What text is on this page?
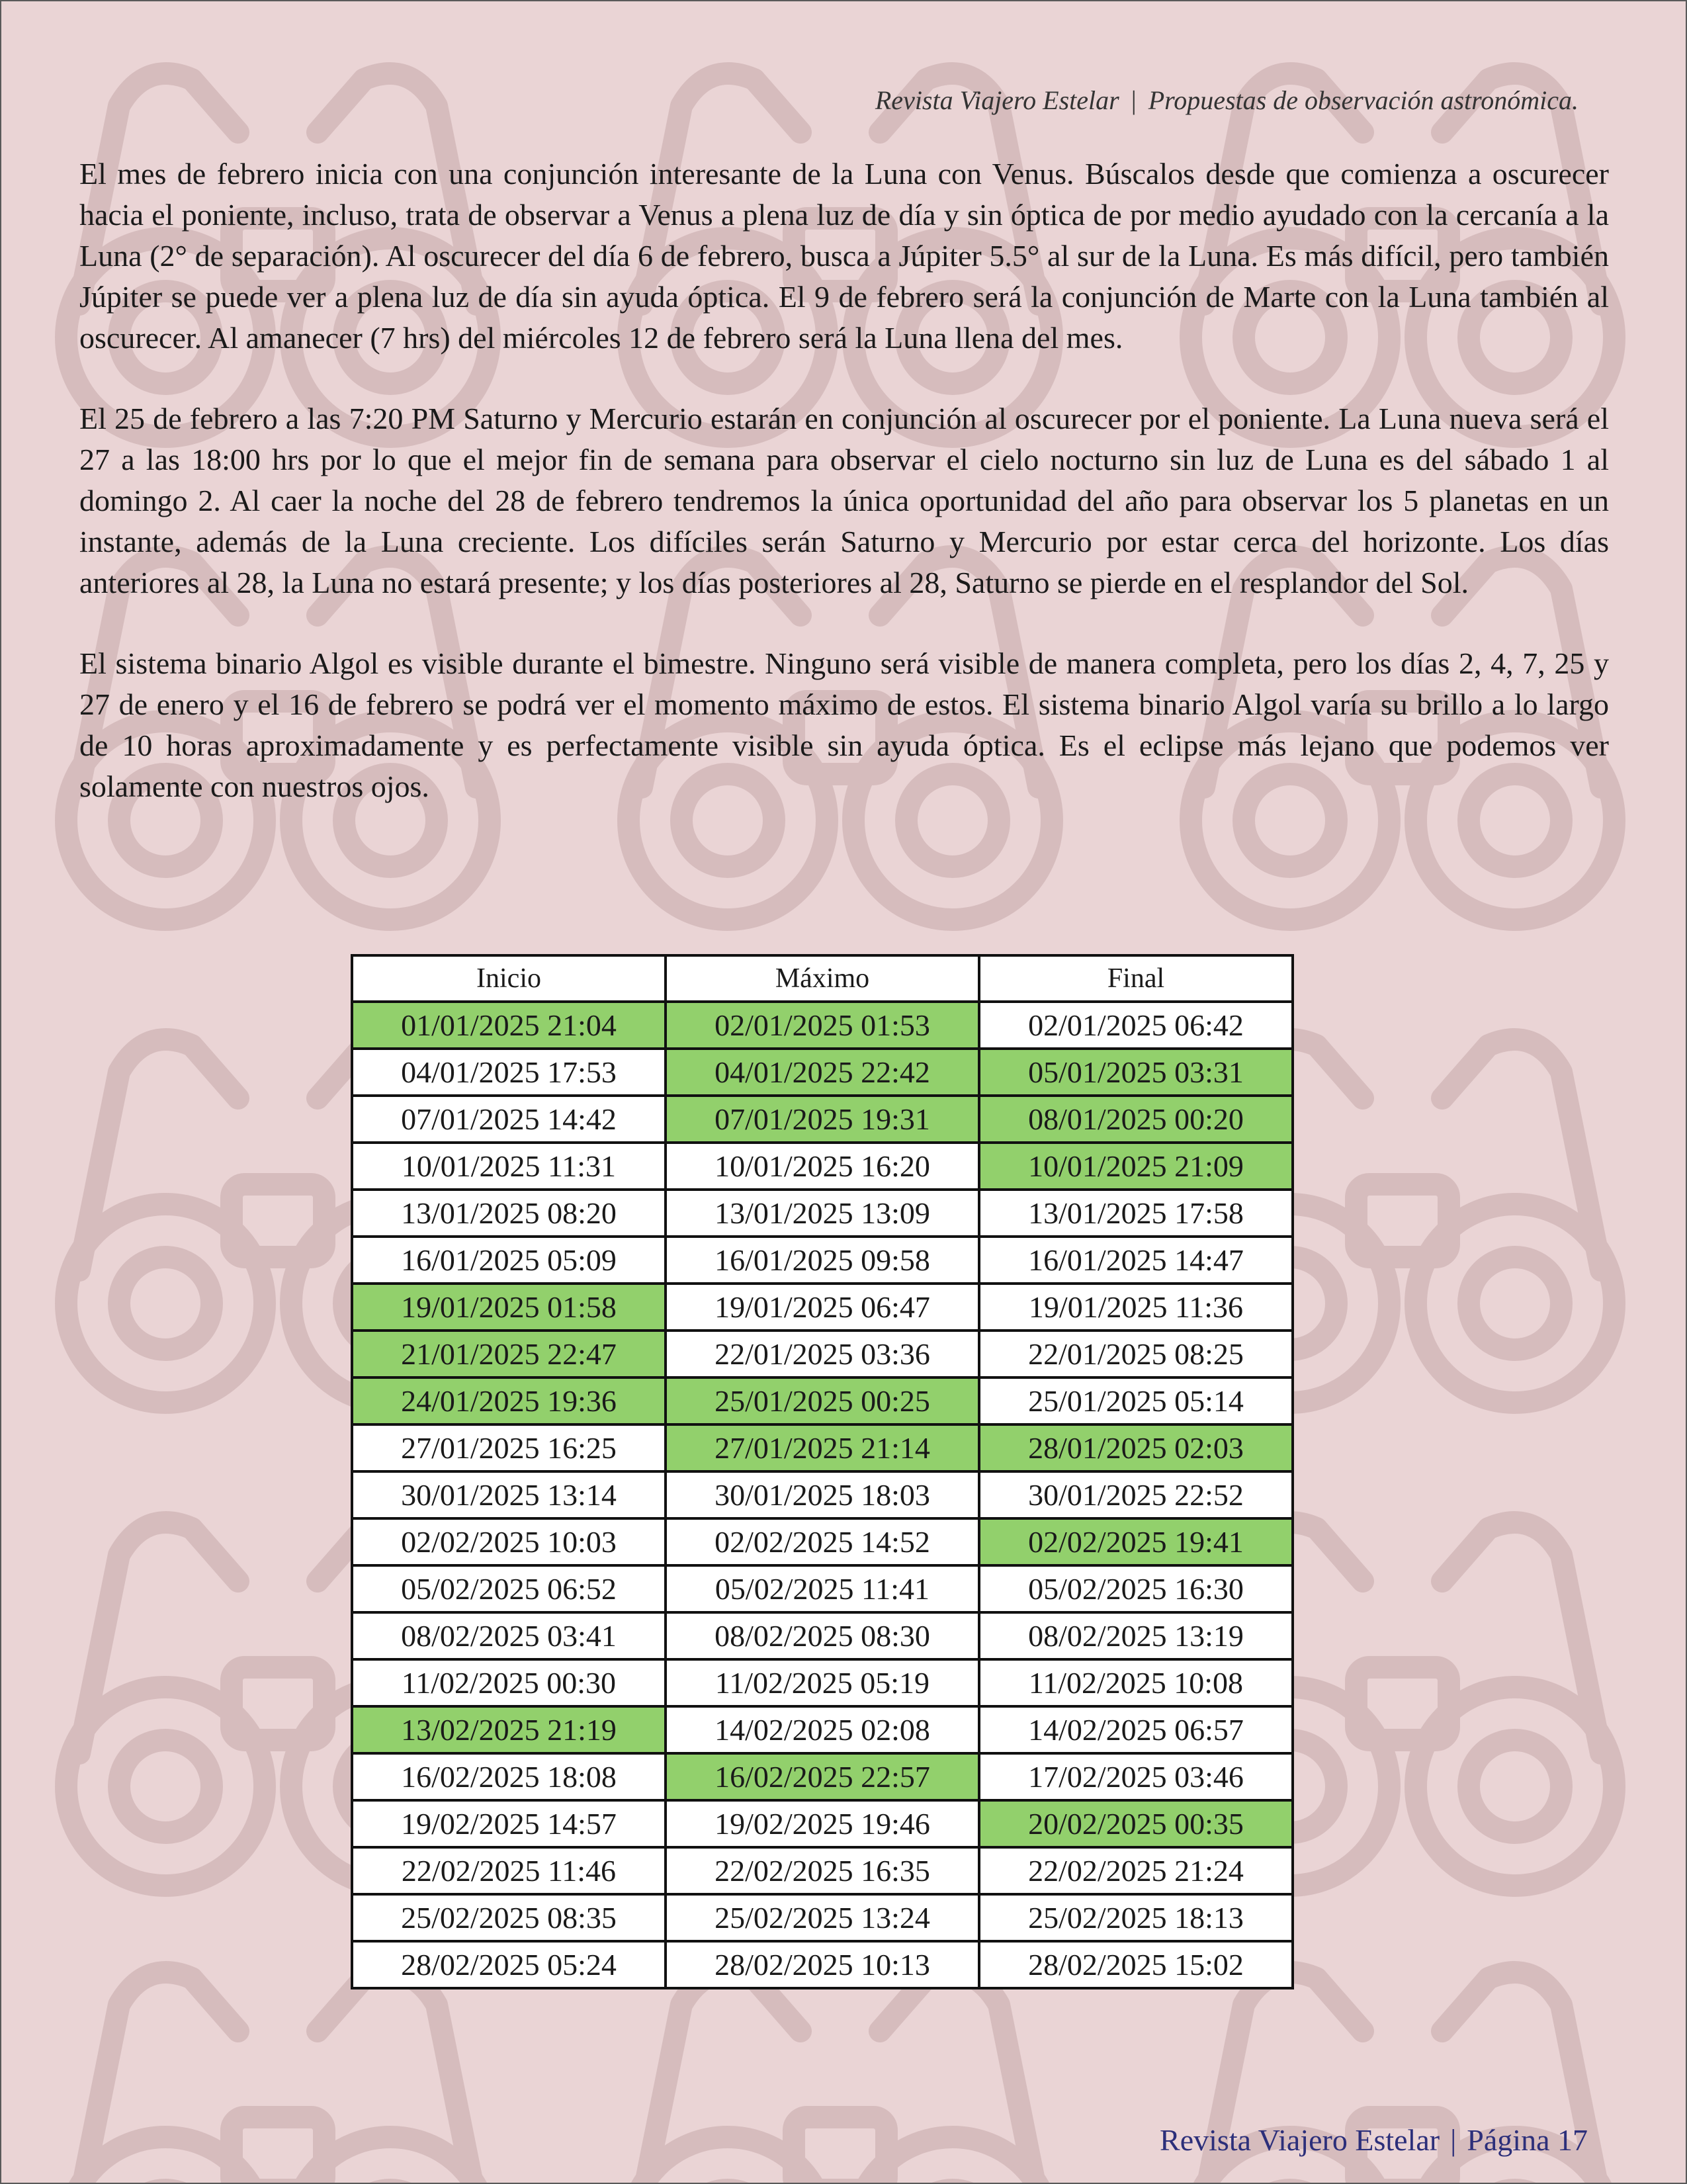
Revista Viajero Estelar | Propuestas de observación astronómica.

El mes de febrero inicia con una conjunción interesante de la Luna con Venus. Búscalos desde que comienza a oscurecer hacia el poniente, incluso, trata de observar a Venus a plena luz de día y sin óptica de por medio ayudado con la cercanía a la Luna (2° de separación). Al oscurecer del día 6 de febrero, busca a Júpiter 5.5° al sur de la Luna. Es más difícil, pero también Júpiter se puede ver a plena luz de día sin ayuda óptica. El 9 de febrero será la conjunción de Marte con la Luna también al oscurecer. Al amanecer (7 hrs) del miércoles 12 de febrero será la Luna llena del mes.

El 25 de febrero a las 7:20 PM Saturno y Mercurio estarán en conjunción al oscurecer por el poniente. La Luna nueva será el 27 a las 18:00 hrs por lo que el mejor fin de semana para observar el cielo nocturno sin luz de Luna es del sábado 1 al domingo 2. Al caer la noche del 28 de febrero tendremos la única oportunidad del año para observar los 5 planetas en un instante, además de la Luna creciente. Los difíciles serán Saturno y Mercurio por estar cerca del horizonte. Los días anteriores al 28, la Luna no estará presente; y los días posteriores al 28, Saturno se pierde en el resplandor del Sol.

El sistema binario Algol es visible durante el bimestre. Ninguno será visible de manera completa, pero los días 2, 4, 7, 25 y 27 de enero y el 16 de febrero se podrá ver el momento máximo de estos. El sistema binario Algol varía su brillo a lo largo de 10 horas aproximadamente y es perfectamente visible sin ayuda óptica. Es el eclipse más lejano que podemos ver solamente con nuestros ojos.

Inicio	Máximo	Final
01/01/2025 21:04	02/01/2025 01:53	02/01/2025 06:42
04/01/2025 17:53	04/01/2025 22:42	05/01/2025 03:31
07/01/2025 14:42	07/01/2025 19:31	08/01/2025 00:20
10/01/2025 11:31	10/01/2025 16:20	10/01/2025 21:09
13/01/2025 08:20	13/01/2025 13:09	13/01/2025 17:58
16/01/2025 05:09	16/01/2025 09:58	16/01/2025 14:47
19/01/2025 01:58	19/01/2025 06:47	19/01/2025 11:36
21/01/2025 22:47	22/01/2025 03:36	22/01/2025 08:25
24/01/2025 19:36	25/01/2025 00:25	25/01/2025 05:14
27/01/2025 16:25	27/01/2025 21:14	28/01/2025 02:03
30/01/2025 13:14	30/01/2025 18:03	30/01/2025 22:52
02/02/2025 10:03	02/02/2025 14:52	02/02/2025 19:41
05/02/2025 06:52	05/02/2025 11:41	05/02/2025 16:30
08/02/2025 03:41	08/02/2025 08:30	08/02/2025 13:19
11/02/2025 00:30	11/02/2025 05:19	11/02/2025 10:08
13/02/2025 21:19	14/02/2025 02:08	14/02/2025 06:57
16/02/2025 18:08	16/02/2025 22:57	17/02/2025 03:46
19/02/2025 14:57	19/02/2025 19:46	20/02/2025 00:35
22/02/2025 11:46	22/02/2025 16:35	22/02/2025 21:24
25/02/2025 08:35	25/02/2025 13:24	25/02/2025 18:13
28/02/2025 05:24	28/02/2025 10:13	28/02/2025 15:02
Revista Viajero Estelar | Página 17
